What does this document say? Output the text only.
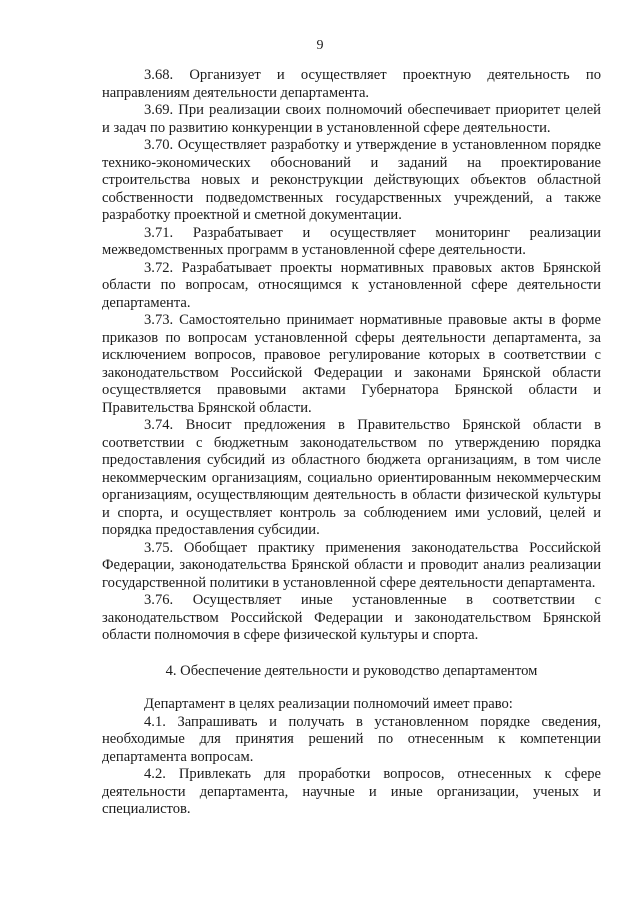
9

3.68. Организует и осуществляет проектную деятельность по направлениям деятельности департамента.

3.69. При реализации своих полномочий обеспечивает приоритет целей и задач по развитию конкуренции в установленной сфере деятельности.

3.70. Осуществляет разработку и утверждение в установленном порядке технико-экономических обоснований и заданий на проектирование строительства новых и реконструкции действующих объектов областной собственности подведомственных государственных учреждений, а также разработку проектной и сметной документации.

3.71. Разрабатывает и осуществляет мониторинг реализации межведомственных программ в установленной сфере деятельности.

3.72. Разрабатывает проекты нормативных правовых актов Брянской области по вопросам, относящимся к установленной сфере деятельности департамента.

3.73. Самостоятельно принимает нормативные правовые акты в форме приказов по вопросам установленной сферы деятельности департамента, за исключением вопросов, правовое регулирование которых в соответствии с законодательством Российской Федерации и законами Брянской области осуществляется правовыми актами Губернатора Брянской области и Правительства Брянской области.

3.74. Вносит предложения в Правительство Брянской области в соответствии с бюджетным законодательством по утверждению порядка предоставления субсидий из областного бюджета организациям, в том числе некоммерческим организациям, социально ориентированным некоммерческим организациям, осуществляющим деятельность в области физической культуры и спорта, и осуществляет контроль за соблюдением ими условий, целей и порядка предоставления субсидии.

3.75. Обобщает практику применения законодательства Российской Федерации, законодательства Брянской области и проводит анализ реализации государственной политики в установленной сфере деятельности департамента.

3.76. Осуществляет иные установленные в соответствии с законодательством Российской Федерации и законодательством Брянской области полномочия в сфере физической культуры и спорта.

4. Обеспечение деятельности и руководство департаментом

Департамент в целях реализации полномочий имеет право:

4.1. Запрашивать и получать в установленном порядке сведения, необходимые для принятия решений по отнесенным к компетенции департамента вопросам.

4.2. Привлекать для проработки вопросов, отнесенных к сфере деятельности департамента, научные и иные организации, ученых и специалистов.
